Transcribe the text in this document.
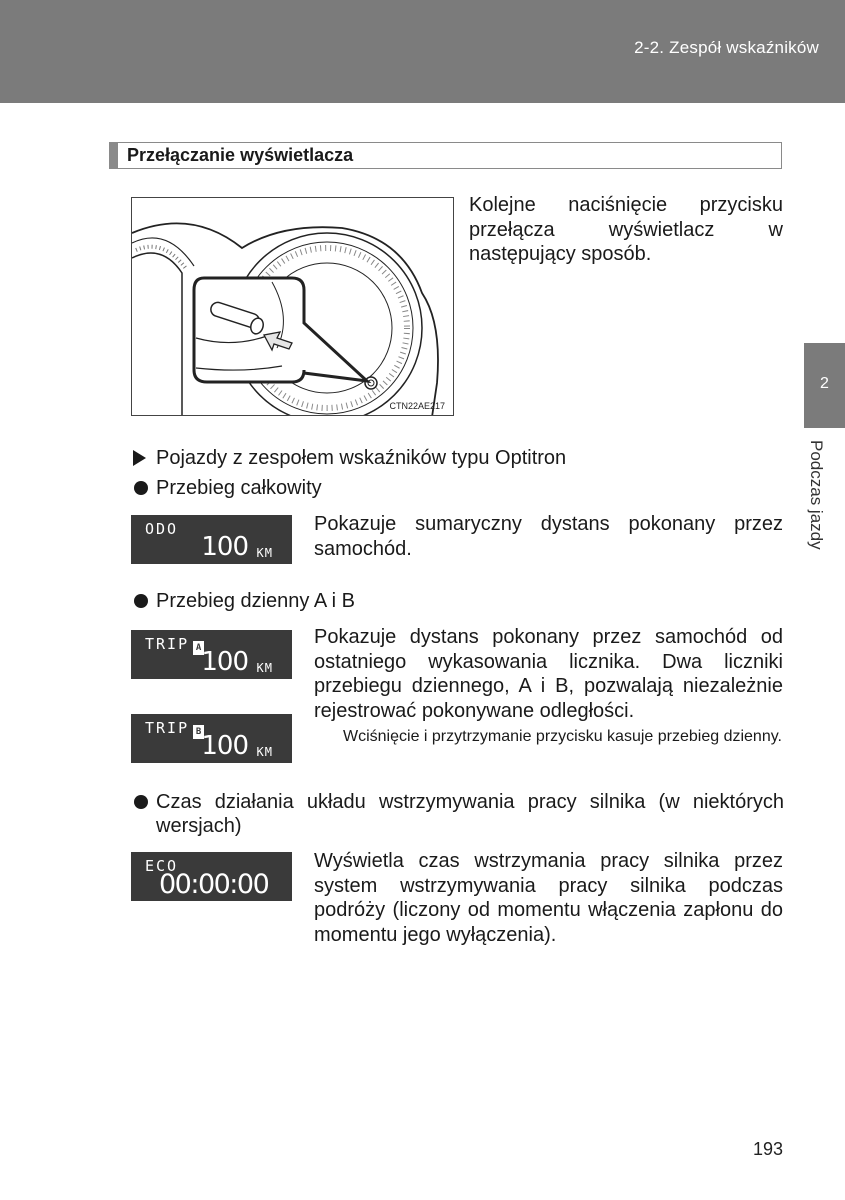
2-2. Zespół wskaźników
Przełączanie wyświetlacza
CTN22AE217
Kolejne naciśnięcie przycisku przełącza wyświetlacz w następujący sposób.
Pojazdy z zespołem wskaźników typu Optitron
Przebieg całkowity
ODO
100 KM
Pokazuje sumaryczny dystans pokonany przez samochód.
Przebieg dzienny A i B
TRIP A 100 KM
TRIP B 100 KM
Pokazuje dystans pokonany przez samochód od ostatniego wykasowania licznika. Dwa liczniki przebiegu dziennego, A i B, pozwalają niezależnie rejestrować pokonywane odległości.
Wciśnięcie i przytrzymanie przycisku kasuje przebieg dzienny.
Czas działania układu wstrzymywania pracy silnika (w niektórych wersjach)
ECO
00:00:00
Wyświetla czas wstrzymania pracy silnika przez system wstrzymywania pracy silnika podczas podróży (liczony od momentu włączenia zapłonu do momentu jego wyłączenia).
2
Podczas jazdy
193
